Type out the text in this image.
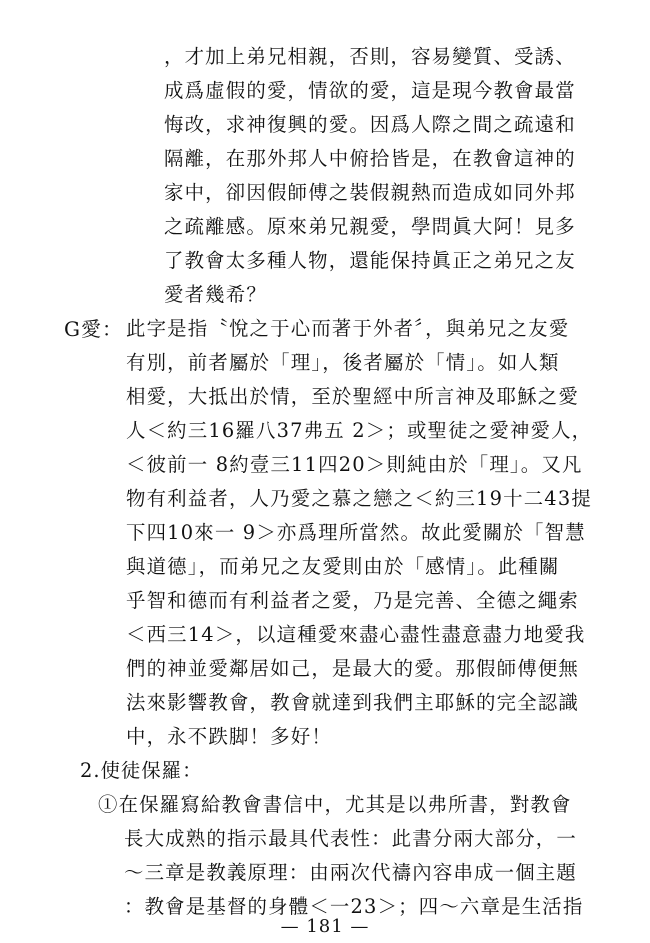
，才加上弟兄相親，否則，容易變質、受誘、
成爲虛假的愛，情欲的愛，這是現今教會最當
悔改，求神復興的愛。因爲人際之間之疏遠和
隔離，在那外邦人中俯拾皆是，在教會這神的
家中，卻因假師傅之裝假親熱而造成如同外邦
之疏離感。原來弟兄親愛，學問眞大阿！見多
了教會太多種人物，還能保持眞正之弟兄之友
愛者幾希？
G愛： 此字是指〝悅之于心而著于外者〞，與弟兄之友愛
有別，前者屬於「理」，後者屬於「情」。如人類
相愛，大抵出於情，至於聖經中所言神及耶穌之愛
人＜約三16羅八37弗五 2＞；或聖徒之愛神愛人，
＜彼前一 8約壹三11四20＞則純由於「理」。又凡
物有利益者，人乃愛之慕之戀之＜約三19十二43提
下四10來一 9＞亦爲理所當然。故此愛關於「智慧
與道德」，而弟兄之友愛則由於「感情」。此種關
乎智和德而有利益者之愛，乃是完善、全德之繩索
＜西三14＞，以這種愛來盡心盡性盡意盡力地愛我
們的神並愛鄰居如己，是最大的愛。那假師傅便無
法來影響教會，教會就達到我們主耶穌的完全認識
中，永不跌脚！多好！
2.使徒保羅：
①在保羅寫給教會書信中，尤其是以弗所書，對教會
長大成熟的指示最具代表性：此書分兩大部分，一
～三章是教義原理：由兩次代禱內容串成一個主題
：教會是基督的身體＜一23＞；四～六章是生活指
— 181 —
